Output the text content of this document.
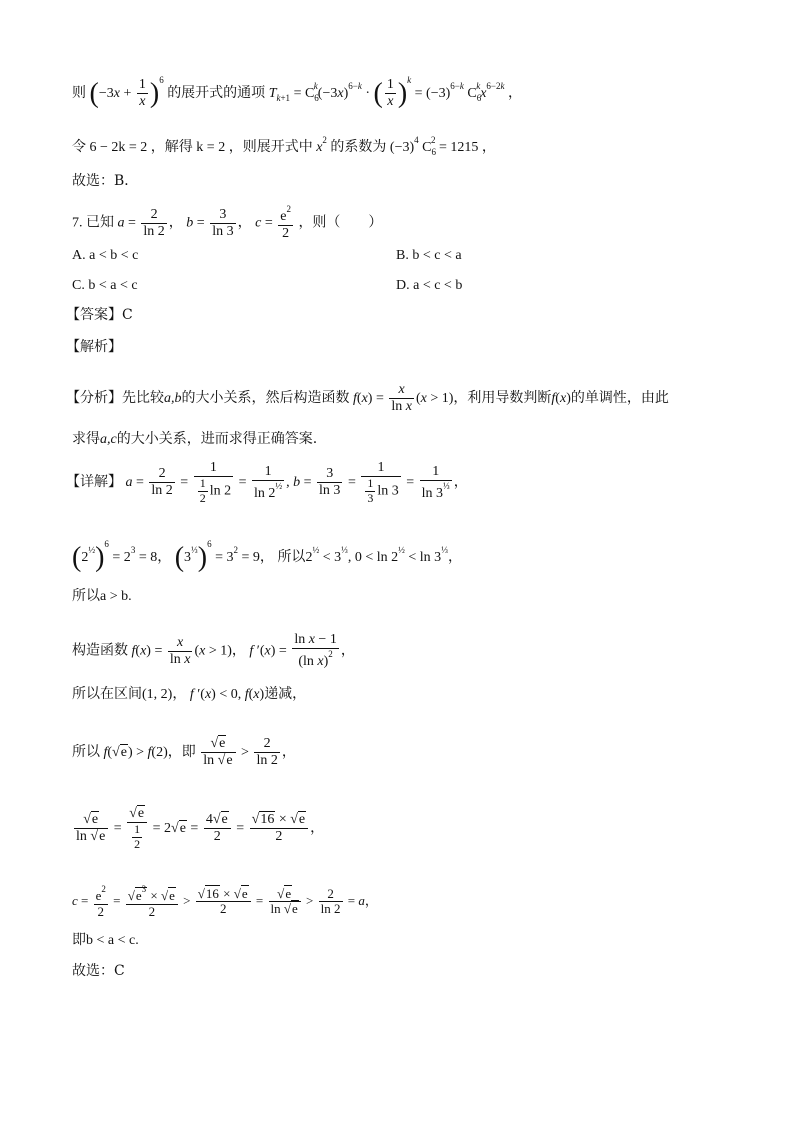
则 $(-3x + \frac{1}{x} )^6$ 的展开式的通项 $T_{k+1} = C_6^k(-3x)^{6-k}$ · ( $\frac{1}{x} )^k = (-3)^{6-k}$ $C_6^kx^{6-2k}$ ，
令 6 − 2k = 2 ，解得 k = 2 ，则展开式中 $x^2$ 的系数为 $(-3)^4$ $C_6^2 = 1215$ ，
故选：B．
7. 已知 $a = \frac{2}{\ln 2}$ ， $b = \frac{3}{\ln 3}$ ， $c = \frac{e^2}{2}$ ，则（　　）
A. a < b < c	B. b < c < a
C. b < a < c	D. a < c < b
【答案】C
【解析】
【分析】先比较a,b的大小关系，然后构造函数 $f(x) = \frac{x}{\text{ln x}} (x > 1)$，利用导数判断f(x)的单调性，由此
求得a,c的大小关系，进而求得正确答案.
【详解】 $a = \frac{2}{\ln 2} = \frac{1}{\frac{1}{2} \ln 2} = \frac{1}{\ln 2^{\frac{1}{2}}}$ , $b = \frac{3}{\ln 3} = \frac{1}{\frac{1}{3} \ln 3} = \frac{1}{\ln 3^{\frac{1}{3}}}$ ，
$(2^{\frac{1}{2}})^6 = 2^3 = 8$， $(3^{\frac{1}{3}})^6 = 3^2 = 9$， 所以$2^{\frac{1}{2}} < 3^{\frac{1}{3}}$, $0 < \ln 2^{\frac{1}{2}} < \ln 3^{\frac{1}{3}}$，
所以a > b.
构造函数 $f(x) = \frac{x}{\text{ln x}} (x > 1)$， f $'(x) = \frac{\text{ln x − 1}}{(\ln x)^2}$ ，
所以在区间(1, 2)， f ′(x) < 0, f(x)递减，
所以 f(√e) > f(2)，即 $\frac{√e}{\ln √e} > \frac{2}{\ln 2}$ ，
$\frac{√e}{\ln √e} = \frac{√e}{\frac{1}{2}} = 2√e = \frac{4√e}{2} = \frac{√16 \times √e}{2}$ ，
$c = \frac{e^2}{2} = \frac{√e^3 \times √e}{2} > \frac{√16 \times √e}{2} = \frac{√e}{\ln √e} > \frac{2}{\ln 2} = a$，
即b < a < c.
故选：C
